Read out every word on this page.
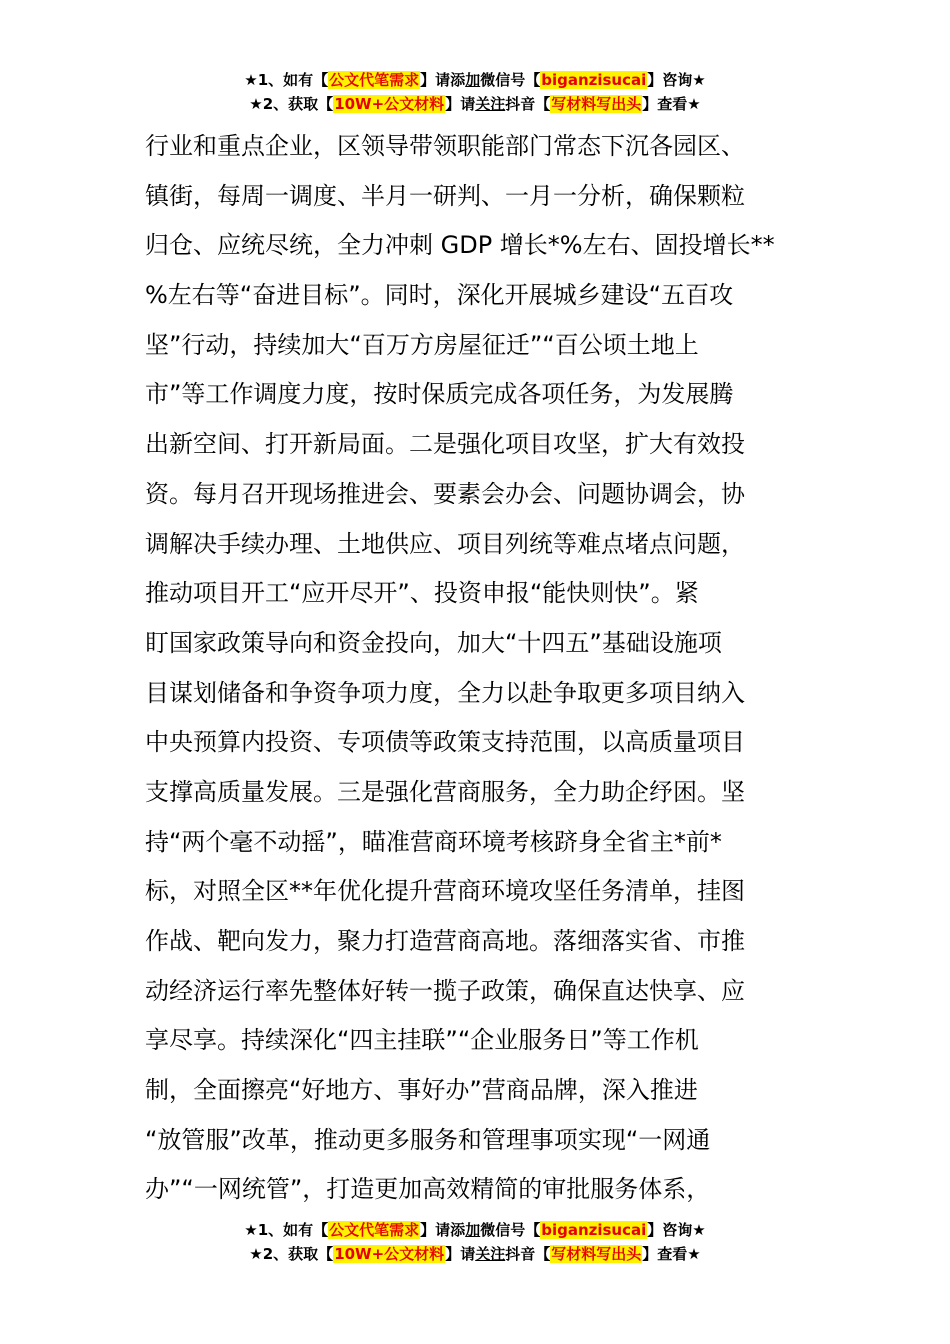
★1、如有【公文代笔需求】请添加微信号【biganzisucai】咨询★
★2、获取【10W+公文材料】请关注抖音【写材料写出头】查看★
行业和重点企业，区领导带领职能部门常态下沉各园区、
镇街，每周一调度、半月一研判、一月一分析，确保颗粒
归仓、应统尽统，全力冲刺 GDP 增长*%左右、固投增长**
%左右等“奋进目标”。同时，深化开展城乡建设“五百攻
坚”行动，持续加大“百万方房屋征迁”“百公顷土地上
市”等工作调度力度，按时保质完成各项任务，为发展腾
出新空间、打开新局面。二是强化项目攻坚，扩大有效投
资。每月召开现场推进会、要素会办会、问题协调会，协
调解决手续办理、土地供应、项目列统等难点堵点问题，
推动项目开工“应开尽开”、投资申报“能快则快”。紧
盯国家政策导向和资金投向，加大“十四五”基础设施项
目谋划储备和争资争项力度，全力以赴争取更多项目纳入
中央预算内投资、专项债等政策支持范围，以高质量项目
支撑高质量发展。三是强化营商服务，全力助企纾困。坚
持“两个毫不动摇”，瞄准营商环境考核跻身全省主*前*
标，对照全区**年优化提升营商环境攻坚任务清单，挂图
作战、靶向发力，聚力打造营商高地。落细落实省、市推
动经济运行率先整体好转一揽子政策，确保直达快享、应
享尽享。持续深化“四主挂联”“企业服务日”等工作机
制，全面擦亮“好地方、事好办”营商品牌，深入推进
“放管服”改革，推动更多服务和管理事项实现“一网通
办”“一网统管”，打造更加高效精简的审批服务体系，
★1、如有【公文代笔需求】请添加微信号【biganzisucai】咨询★
★2、获取【10W+公文材料】请关注抖音【写材料写出头】查看★
